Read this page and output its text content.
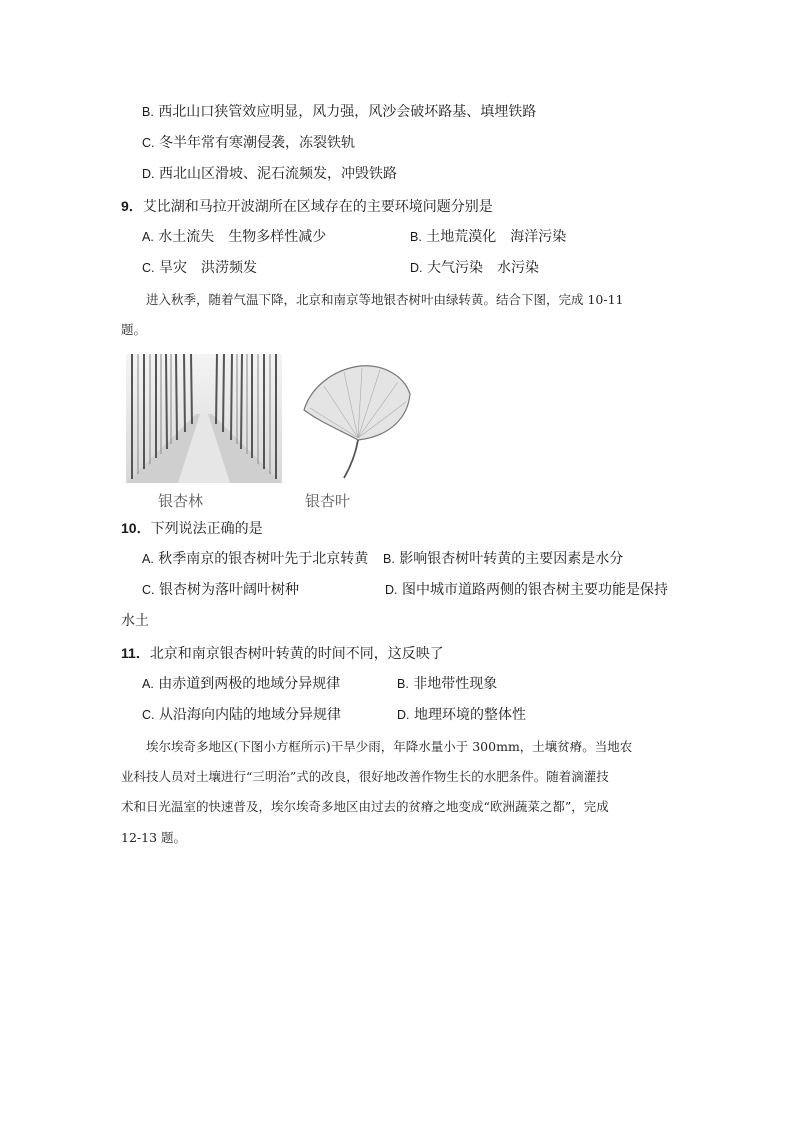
B. 西北山口狭管效应明显，风力强，风沙会破坏路基、填埋铁路
C. 冬半年常有寒潮侵袭，冻裂铁轨
D. 西北山区滑坡、泥石流频发，冲毁铁路
9．艾比湖和马拉开波湖所在区域存在的主要环境问题分别是
A. 水土流失　生物多样性减少	B. 土地荒漠化　海洋污染
C. 旱灾　洪涝频发	D. 大气污染　水污染
进入秋季，随着气温下降，北京和南京等地银杏树叶由绿转黄。结合下图，完成 10-11
题。
银杏林	银杏叶
10．下列说法正确的是
A. 秋季南京的银杏树叶先于北京转黄 B. 影响银杏树叶转黄的主要因素是水分
C. 银杏树为落叶阔叶树种	D. 图中城市道路两侧的银杏树主要功能是保持
水土
11．北京和南京银杏树叶转黄的时间不同，这反映了
A. 由赤道到两极的地域分异规律	B. 非地带性现象
C. 从沿海向内陆的地域分异规律	D. 地理环境的整体性
埃尔埃奇多地区(下图小方框所示)干旱少雨，年降水量小于 300mm，土壤贫瘠。当地农
业科技人员对土壤进行“三明治”式的改良，很好地改善作物生长的水肥条件。随着滴灌技
术和日光温室的快速普及，埃尔埃奇多地区由过去的贫瘠之地变成“欧洲蔬菜之都”，完成
12-13 题。
